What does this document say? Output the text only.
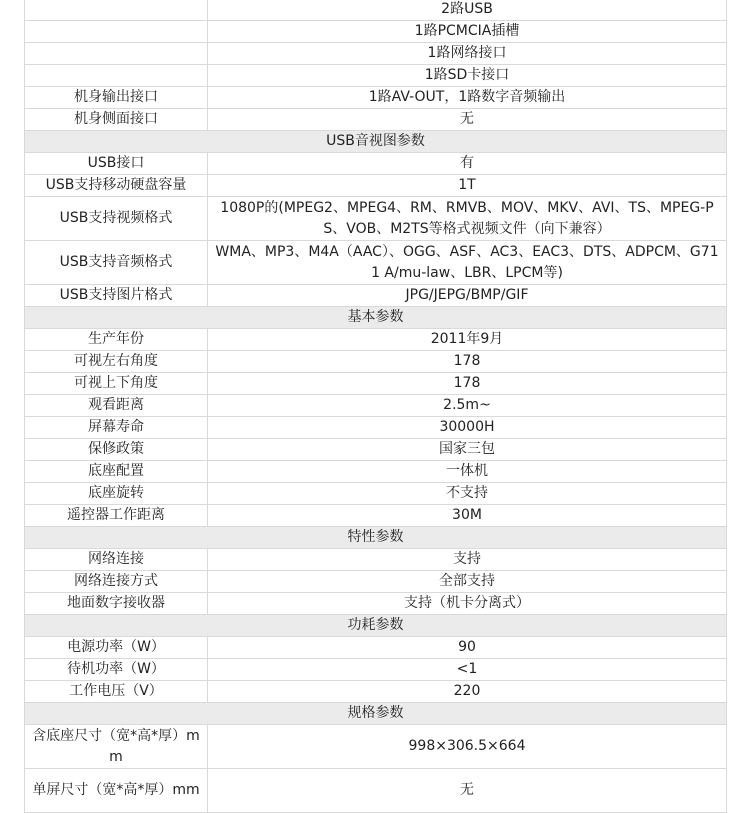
	2路USB
	1路PCMCIA插槽
	1路网络接口
	1路SD卡接口
机身输出接口	1路AV-OUT，1路数字音频输出
机身侧面接口	无
USB音视图参数	
USB接口	有
USB支持移动硬盘容量	1T
USB支持视频格式	1080P的(MPEG2、MPEG4、RM、RMVB、MOV、MKV、AVI、TS、MPEG-PS、VOB、M2TS等格式视频文件（向下兼容）
USB支持音频格式	WMA、MP3、M4A（AAC）、OGG、ASF、AC3、EAC3、DTS、ADPCM、G711 A/mu-law、LBR、LPCM等)
USB支持图片格式	JPG/JEPG/BMP/GIF
基本参数	
生产年份	2011年9月
可视左右角度	178
可视上下角度	178
观看距离	2.5m~
屏幕寿命	30000H
保修政策	国家三包
底座配置	一体机
底座旋转	不支持
遥控器工作距离	30M
特性参数	
网络连接	支持
网络连接方式	全部支持
地面数字接收器	支持（机卡分离式）
功耗参数	
电源功率（W）	90
待机功率（W）	<1
工作电压（V）	220
规格参数	
含底座尺寸（宽*高*厚）mm	998×306.5×664
单屏尺寸（宽*高*厚）mm	无
